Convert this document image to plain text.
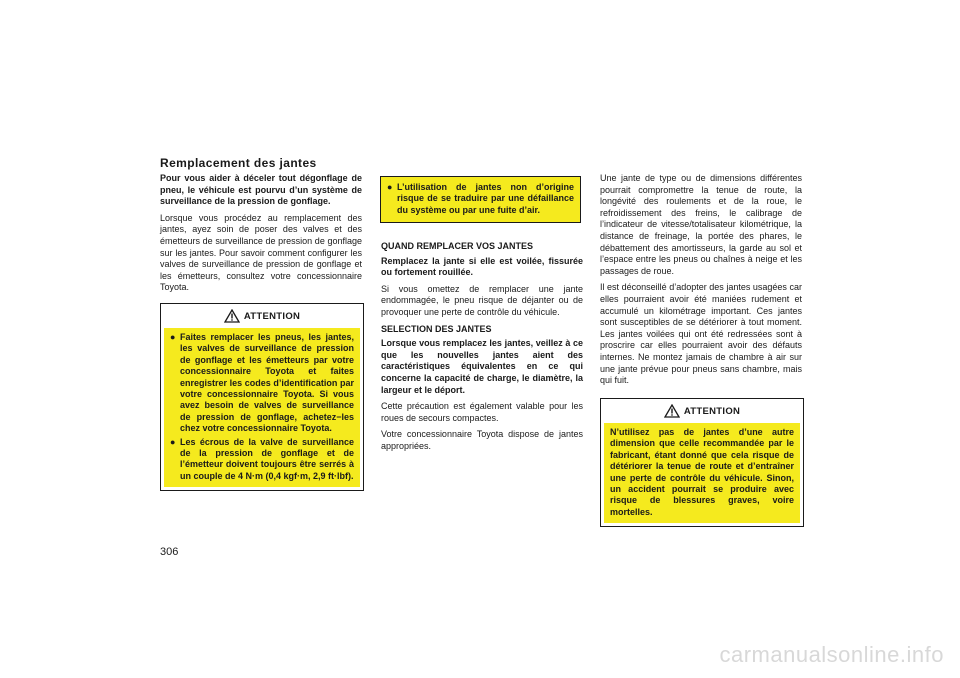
Remplacement des jantes

Pour vous aider à déceler tout dégonflage de pneu, le véhicule est pourvu d’un système de surveillance de la pression de gonflage.

Lorsque vous procédez au remplacement des jantes, ayez soin de poser des valves et des émetteurs de surveillance de pression de gonflage sur les jantes. Pour savoir comment configurer les valves de surveillance de pression de gonflage et les émetteurs, consultez votre concessionnaire Toyota.

ATTENTION
● Faites remplacer les pneus, les jantes, les valves de surveillance de pression de gonflage et les émetteurs par votre concessionnaire Toyota et faites enregistrer les codes d’identification par votre concessionnaire Toyota. Si vous avez besoin de valves de surveillance de pression de gonflage, achetez−les chez votre concessionnaire Toyota.
● Les écrous de la valve de surveillance de la pression de gonflage et de l’émetteur doivent toujours être serrés à un couple de 4 N·m (0,4 kgf·m, 2,9 ft·lbf).
● L’utilisation de jantes non d’origine risque de se traduire par une défaillance du système ou par une fuite d’air.
QUAND REMPLACER VOS JANTES

Remplacez la jante si elle est voilée, fissurée ou fortement rouillée.

Si vous omettez de remplacer une jante endommagée, le pneu risque de déjanter ou de provoquer une perte de contrôle du véhicule.

SELECTION DES JANTES

Lorsque vous remplacez les jantes, veillez à ce que les nouvelles jantes aient des caractéristiques équivalentes en ce qui concerne la capacité de charge, le diamètre, la largeur et le déport.

Cette précaution est également valable pour les roues de secours compactes.

Votre concessionnaire Toyota dispose de jantes appropriées.

Une jante de type ou de dimensions différentes pourrait compromettre la tenue de route, la longévité des roulements et de la roue, le refroidissement des freins, le calibrage de l’indicateur de vitesse/totalisateur kilométrique, la distance de freinage, la portée des phares, le débattement des amortisseurs, la garde au sol et l’espace entre les pneus ou chaînes à neige et les passages de roue.

Il est déconseillé d’adopter des jantes usagées car elles pourraient avoir été maniées rudement et accumulé un kilométrage important. Ces jantes sont susceptibles de se détériorer à tout moment. Les jantes voilées qui ont été redressées sont à proscrire car elles pourraient avoir des défauts internes. Ne montez jamais de chambre à air sur une jante prévue pour pneus sans chambre, mais qui fuit.

ATTENTION
N’utilisez pas de jantes d’une autre dimension que celle recommandée par le fabricant, étant donné que cela risque de détériorer la tenue de route et d’entraîner une perte de contrôle du véhicule. Sinon, un accident pourrait se produire avec risque de blessures graves, voire mortelles.
306
carmanualsonline.info
